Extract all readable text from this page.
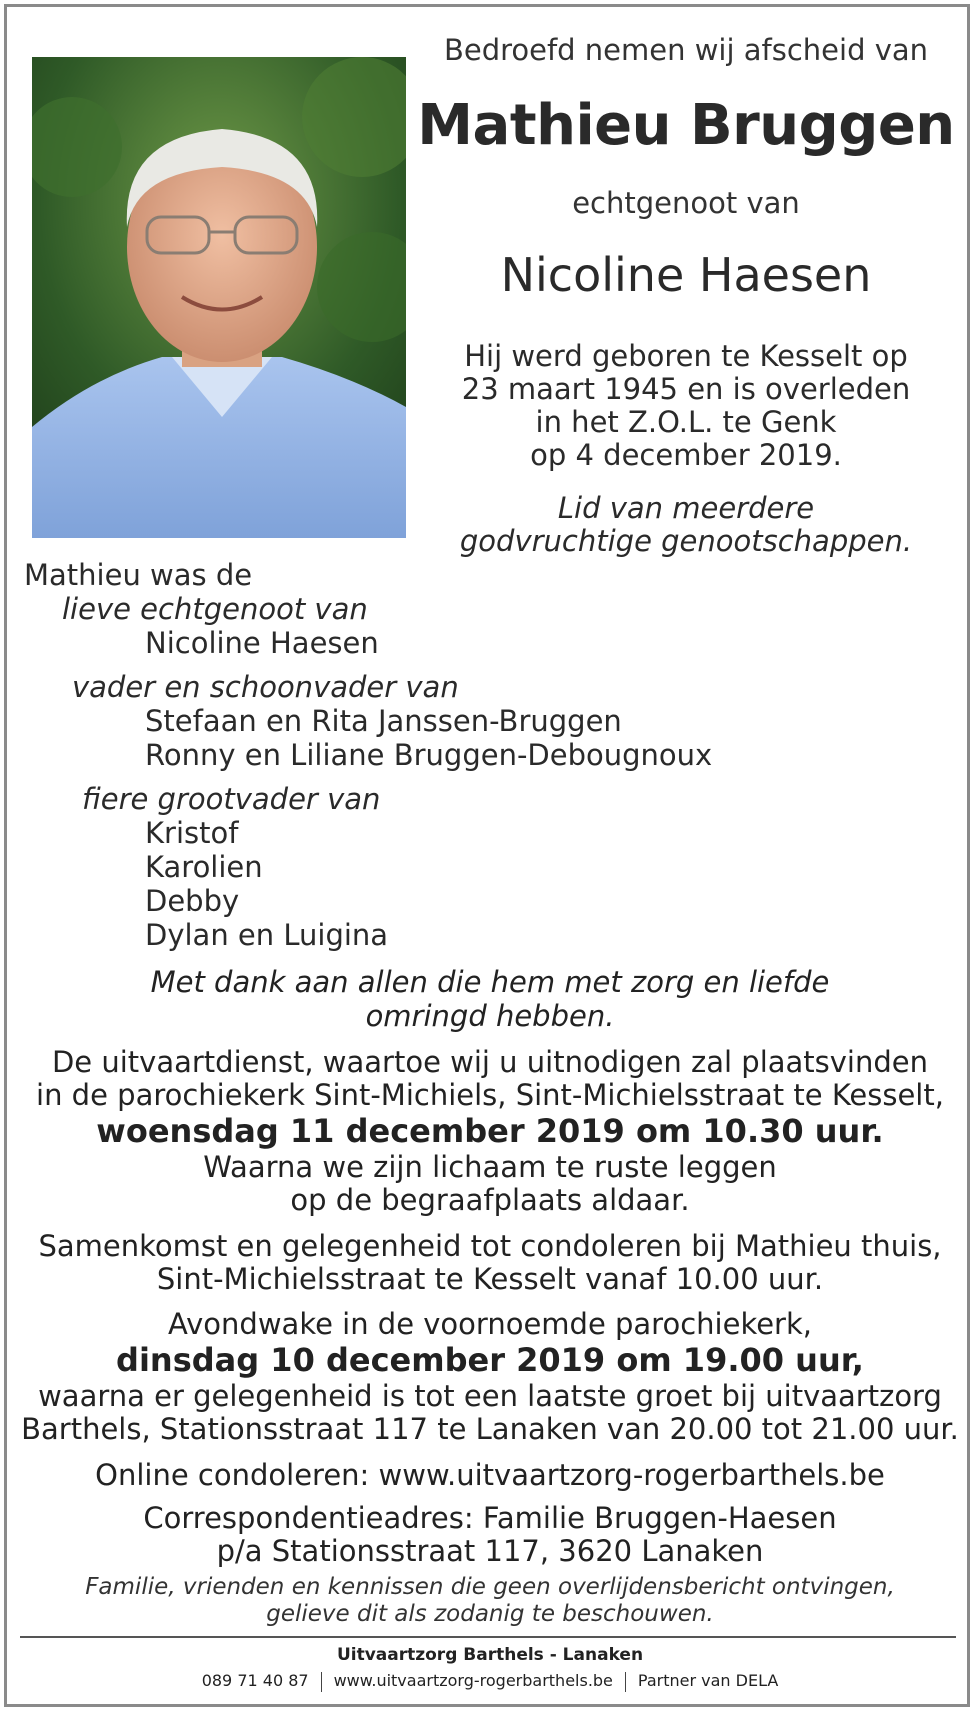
Bedroefd nemen wij afscheid van
Mathieu Bruggen
echtgenoot van
Nicoline Haesen
Hij werd geboren te Kesselt op
23 maart 1945 en is overleden
in het Z.O.L. te Genk
op 4 december 2019.
Lid van meerdere
godvruchtige genootschappen.
Mathieu was de
lieve echtgenoot van
Nicoline Haesen
vader en schoonvader van
Stefaan en Rita Janssen-Bruggen
Ronny en Liliane Bruggen-Debougnoux
fiere grootvader van
Kristof
Karolien
Debby
Dylan en Luigina
Met dank aan allen die hem met zorg en liefde
omringd hebben.
De uitvaartdienst, waartoe wij u uitnodigen zal plaatsvinden
in de parochiekerk Sint-Michiels, Sint-Michielsstraat te Kesselt,
woensdag 11 december 2019 om 10.30 uur.
Waarna we zijn lichaam te ruste leggen
op de begraafplaats aldaar.
Samenkomst en gelegenheid tot condoleren bij Mathieu thuis,
Sint-Michielsstraat te Kesselt vanaf 10.00 uur.
Avondwake in de voornoemde parochiekerk,
dinsdag 10 december 2019 om 19.00 uur,
waarna er gelegenheid is tot een laatste groet bij uitvaartzorg
Barthels, Stationsstraat 117 te Lanaken van 20.00 tot 21.00 uur.
Online condoleren: www.uitvaartzorg-rogerbarthels.be
Correspondentieadres: Familie Bruggen-Haesen
p/a Stationsstraat 117, 3620 Lanaken
Familie, vrienden en kennissen die geen overlijdensbericht ontvingen,
gelieve dit als zodanig te beschouwen.
Uitvaartzorg Barthels - Lanaken
089 71 40 87 www.uitvaartzorg-rogerbarthels.be Partner van DELA
